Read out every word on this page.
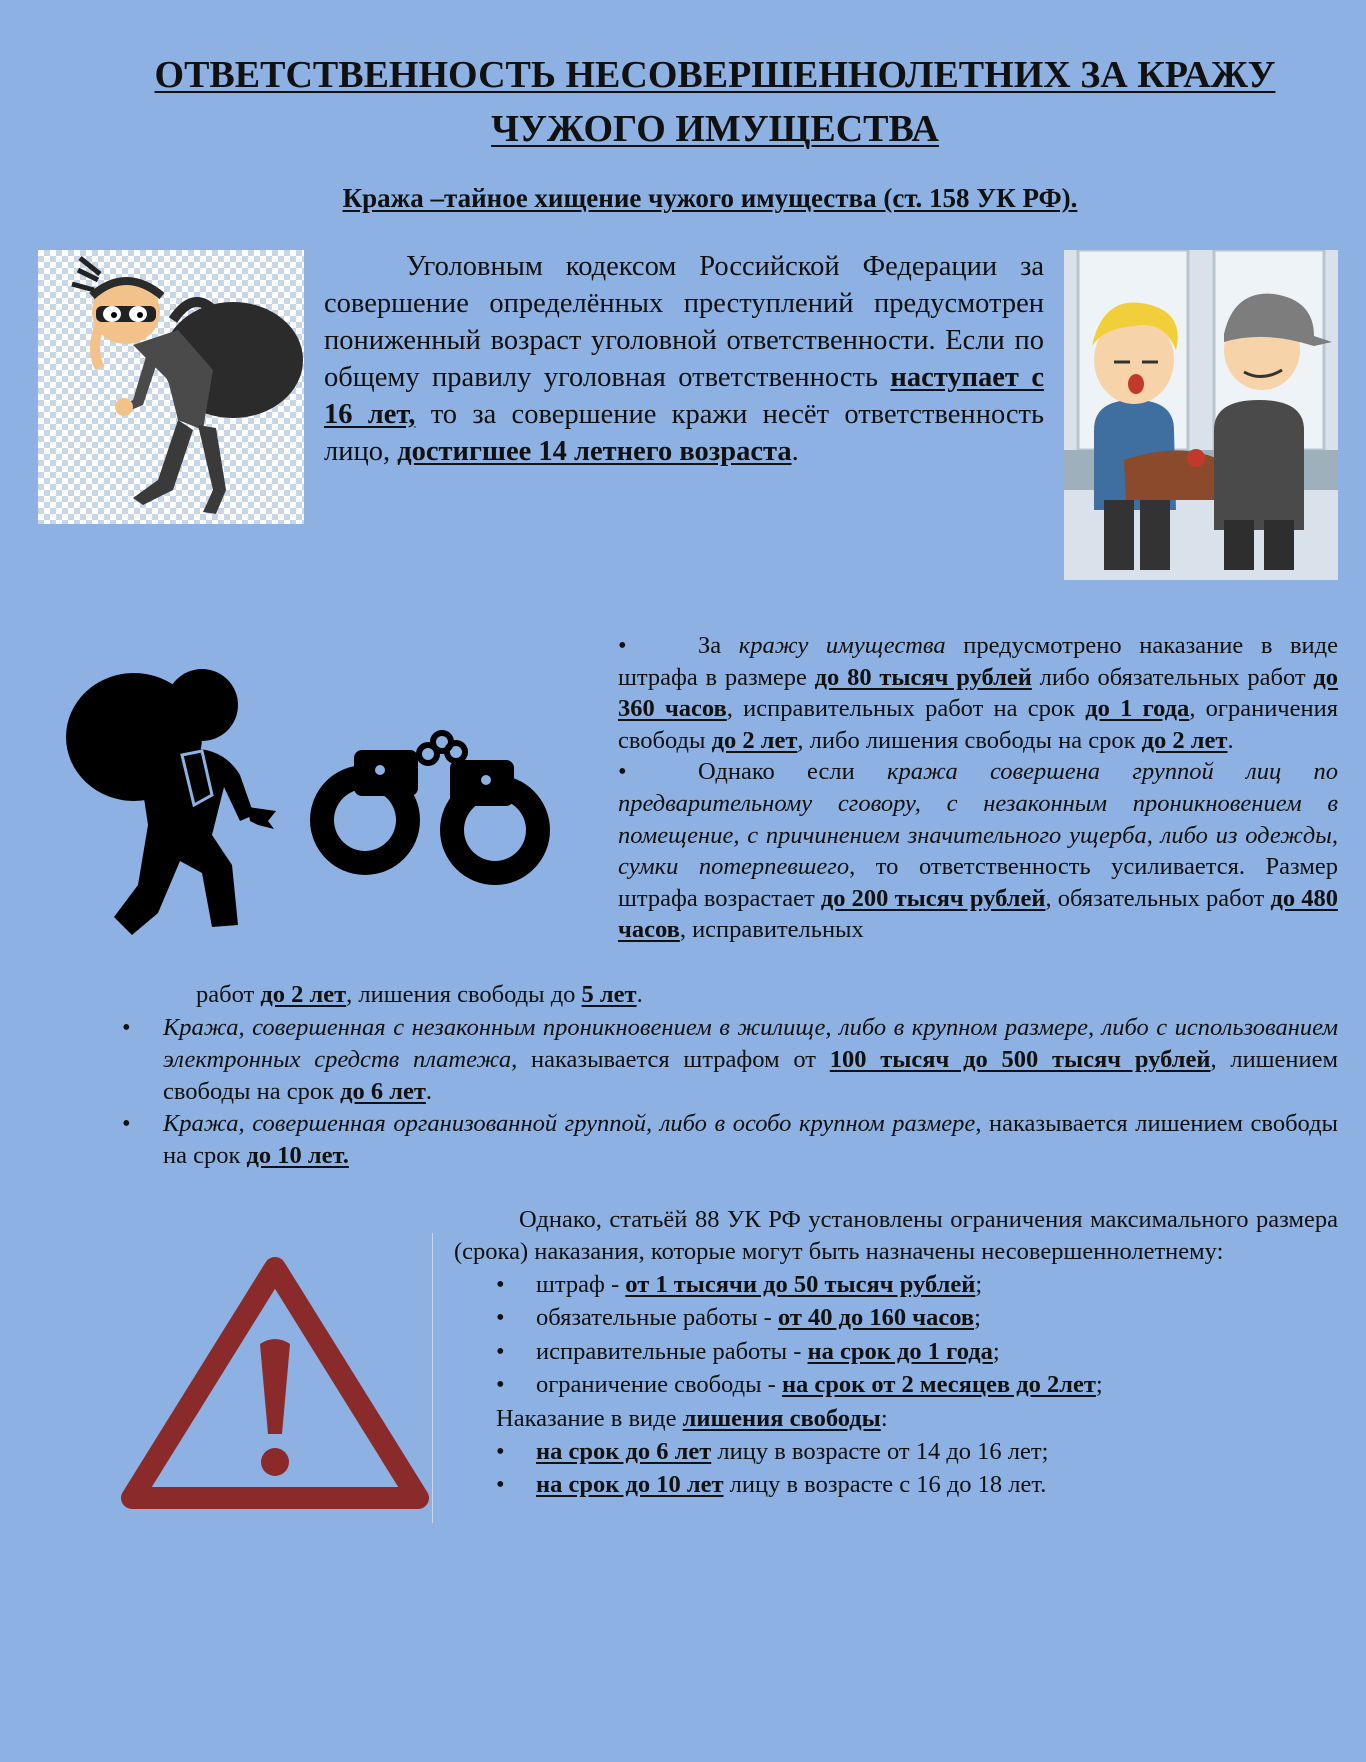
ОТВЕТСТВЕННОСТЬ НЕСОВЕРШЕННОЛЕТНИХ ЗА КРАЖУ
ЧУЖОГО ИМУЩЕСТВА
Кража –тайное хищение чужого имущества (ст. 158 УК РФ).

Уголовным кодексом Российской Федерации за совершение определённых преступлений предусмотрен пониженный возраст уголовной ответственности. Если по общему правилу уголовная ответственность наступает с 16 лет, то за совершение кражи несёт ответственность лицо, достигшее 14 летнего возраста.

•	За кражу имущества предусмотрено наказание в виде штрафа в размере до 80 тысяч рублей либо обязательных работ до 360 часов, исправительных работ на срок до 1 года, ограничения свободы до 2 лет, либо лишения свободы на срок до 2 лет.

•	Однако если кража совершена группой лиц по предварительному сговору, с незаконным проникновением в помещение, с причинением значительного ущерба, либо из одежды, сумки потерпевшего, то ответственность усиливается. Размер штрафа возрастает до 200 тысяч рублей, обязательных работ до 480 часов, исправительных

работ до 2 лет, лишения свободы до 5 лет.
• Кража, совершенная с незаконным проникновением в жилище, либо в крупном размере, либо с использованием электронных средств платежа, наказывается штрафом от 100 тысяч до 500 тысяч рублей, лишением свободы на срок до 6 лет.
• Кража, совершенная организованной группой, либо в особо крупном размере, наказывается лишением свободы на срок до 10 лет.

Однако, статьёй 88 УК РФ установлены ограничения максимального размера (срока) наказания, которые могут быть назначены несовершеннолетнему:

• штраф - от 1 тысячи до 50 тысяч рублей;
• обязательные работы - от 40 до 160 часов;
• исправительные работы - на срок до 1 года;
• ограничение свободы - на срок от 2 месяцев до 2лет;
Наказание в виде лишения свободы:
• на срок до 6 лет лицу в возрасте от 14 до 16 лет;
• на срок до 10 лет лицу в возрасте с 16 до 18 лет.
